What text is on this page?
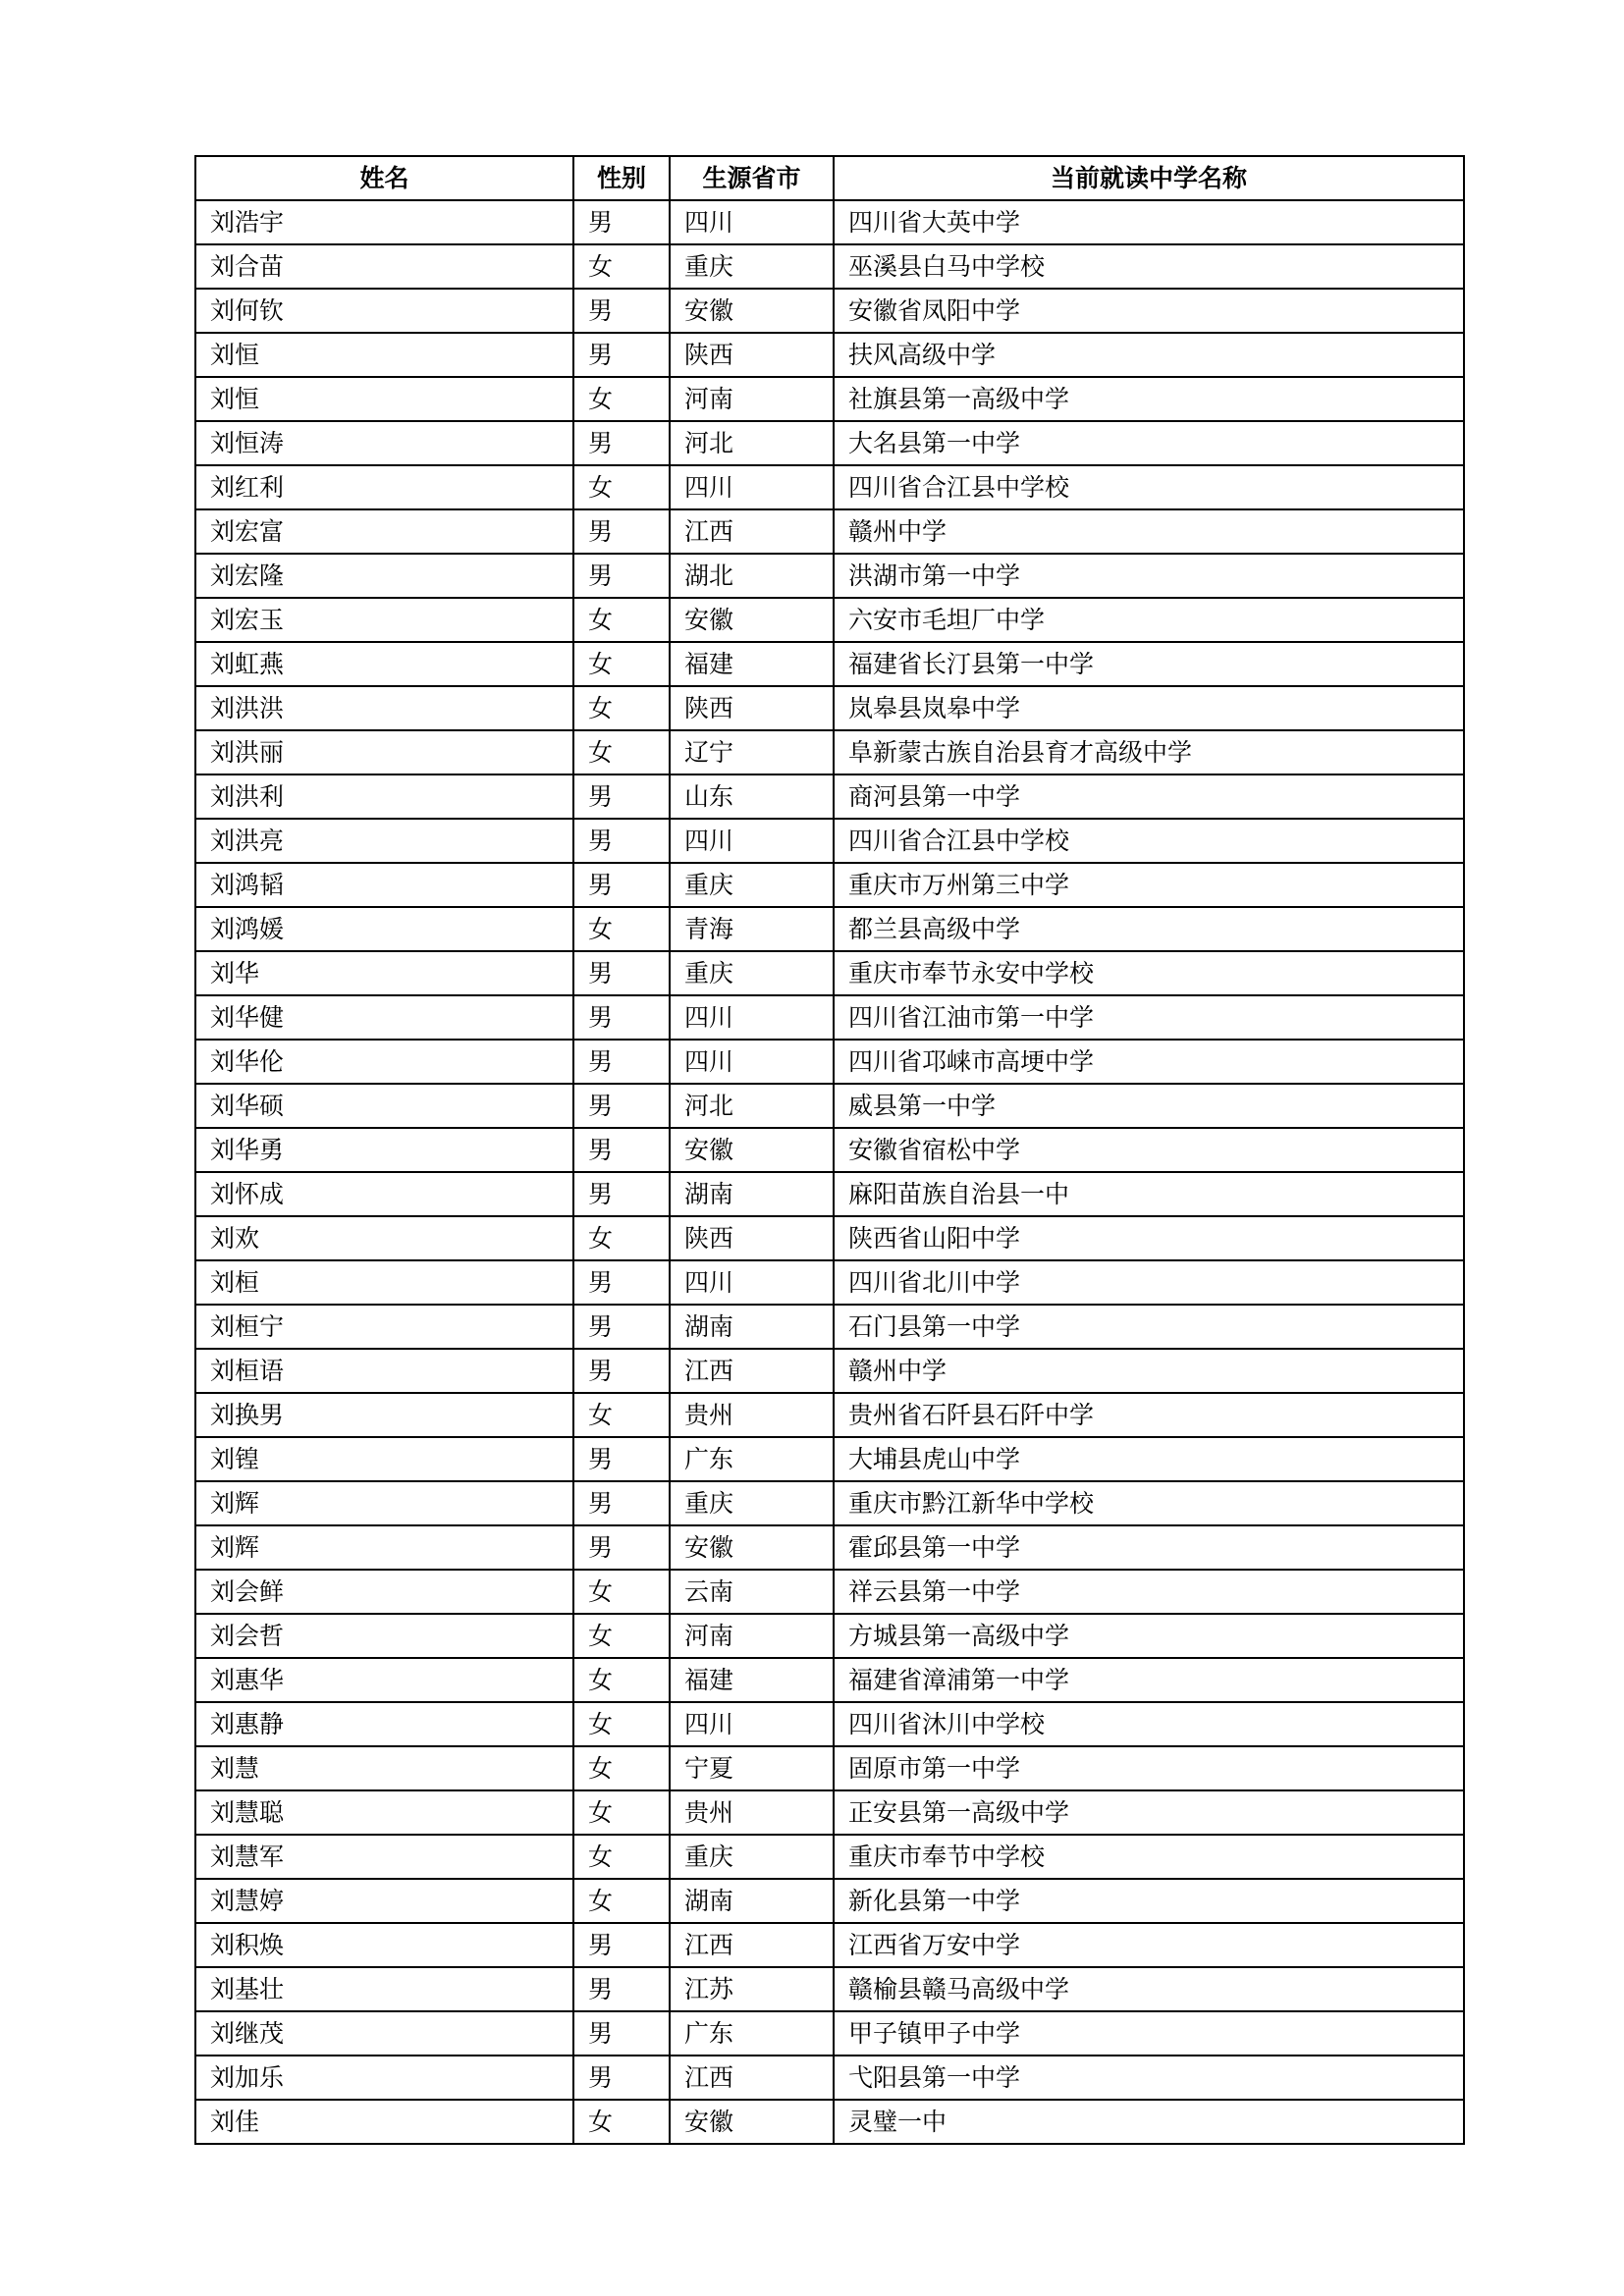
姓名	性别	生源省市	当前就读中学名称
刘浩宇	男	四川	四川省大英中学
刘合苗	女	重庆	巫溪县白马中学校
刘何钦	男	安徽	安徽省凤阳中学
刘恒	男	陕西	扶风高级中学
刘恒	女	河南	社旗县第一高级中学
刘恒涛	男	河北	大名县第一中学
刘红利	女	四川	四川省合江县中学校
刘宏富	男	江西	赣州中学
刘宏隆	男	湖北	洪湖市第一中学
刘宏玉	女	安徽	六安市毛坦厂中学
刘虹燕	女	福建	福建省长汀县第一中学
刘洪洪	女	陕西	岚皋县岚皋中学
刘洪丽	女	辽宁	阜新蒙古族自治县育才高级中学
刘洪利	男	山东	商河县第一中学
刘洪亮	男	四川	四川省合江县中学校
刘鸿韬	男	重庆	重庆市万州第三中学
刘鸿媛	女	青海	都兰县高级中学
刘华	男	重庆	重庆市奉节永安中学校
刘华健	男	四川	四川省江油市第一中学
刘华伦	男	四川	四川省邛崃市高埂中学
刘华硕	男	河北	威县第一中学
刘华勇	男	安徽	安徽省宿松中学
刘怀成	男	湖南	麻阳苗族自治县一中
刘欢	女	陕西	陕西省山阳中学
刘桓	男	四川	四川省北川中学
刘桓宁	男	湖南	石门县第一中学
刘桓语	男	江西	赣州中学
刘换男	女	贵州	贵州省石阡县石阡中学
刘锽	男	广东	大埔县虎山中学
刘辉	男	重庆	重庆市黔江新华中学校
刘辉	男	安徽	霍邱县第一中学
刘会鲜	女	云南	祥云县第一中学
刘会哲	女	河南	方城县第一高级中学
刘惠华	女	福建	福建省漳浦第一中学
刘惠静	女	四川	四川省沐川中学校
刘慧	女	宁夏	固原市第一中学
刘慧聪	女	贵州	正安县第一高级中学
刘慧军	女	重庆	重庆市奉节中学校
刘慧婷	女	湖南	新化县第一中学
刘积焕	男	江西	江西省万安中学
刘基壮	男	江苏	赣榆县赣马高级中学
刘继茂	男	广东	甲子镇甲子中学
刘加乐	男	江西	弋阳县第一中学
刘佳	女	安徽	灵璧一中
